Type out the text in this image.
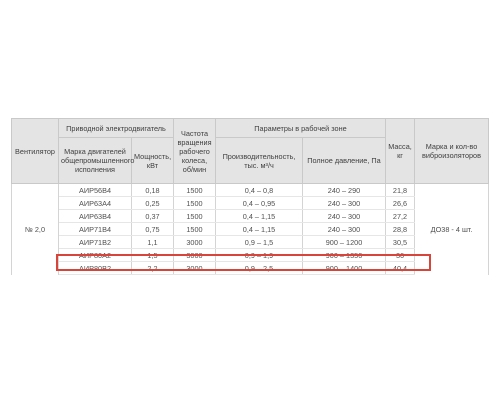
Вентилятор	Приводной электродвигатель		Частота вращения рабочего колеса, об/мин	Параметры в рабочей зоне		Масса, кг	Марка и кол-во виброизоляторов
	Марка двигателей общепромышленного исполнения	Мощность, кВт		Производительность, тыс. м³/ч	Полное давление, Па		
№ 2,0	АИР56В4	0,18	1500	0,4 – 0,8	240 – 290	21,8	ДО38 - 4 шт.
	АИР63А4	0,25	1500	0,4 – 0,95	240 – 300	26,6	
	АИР63В4	0,37	1500	0,4 – 1,15	240 – 300	27,2	
	АИР71В4	0,75	1500	0,4 – 1,15	240 – 300	28,8	
	АИР71В2	1,1	3000	0,9 – 1,5	900 – 1200	30,5	
	АИР80А2	1,5	3000	0,9 – 1,9	900 – 1350	36	
	АИР80В2	2,2	3000	0,9 – 2,5	900 – 1400	40,4	
